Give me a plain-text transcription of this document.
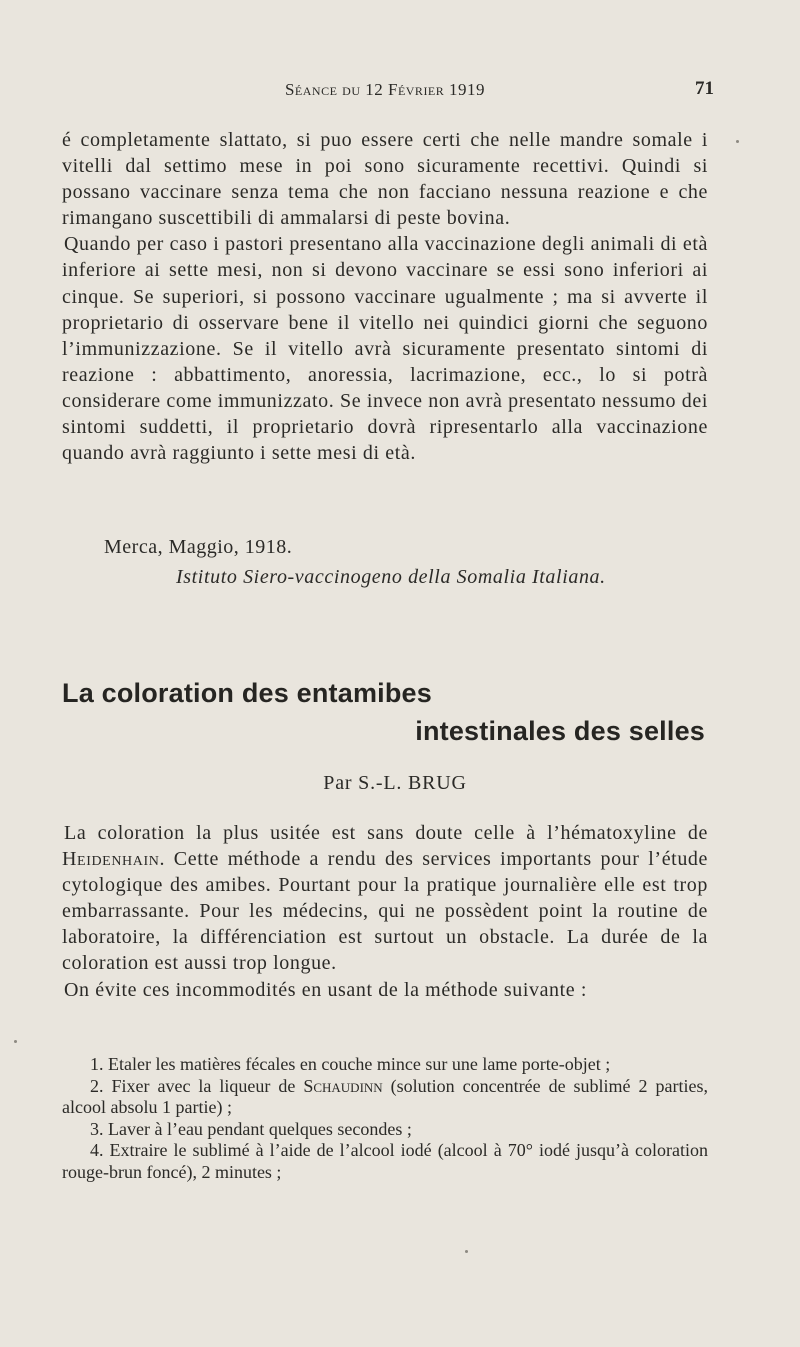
Séance du 12 Février 1919	71

é completamente slattato, si puo essere certi che nelle mandre somale i vitelli dal settimo mese in poi sono sicuramente recettivi. Quindi si possano vaccinare senza tema che non facciano nessuna reazione e che rimangano suscettibili di ammalarsi di peste bovina.

Quando per caso i pastori presentano alla vaccinazione degli animali di età inferiore ai sette mesi, non si devono vaccinare se essi sono inferiori ai cinque. Se superiori, si possono vaccinare ugualmente ; ma si avverte il proprietario di osservare bene il vitello nei quindici giorni che seguono l’immunizzazione. Se il vitello avrà sicuramente presentato sintomi di reazione : abbattimento, anoressia, lacrimazione, ecc., lo si potrà considerare come immunizzato. Se invece non avrà presentato nessumo dei sintomi suddetti, il proprietario dovrà ripresentarlo alla vaccinazione quando avrà raggiunto i sette mesi di età.

Merca, Maggio, 1918.
Istituto Siero-vaccinogeno della Somalia Italiana.
La coloration des entamibes
intestinales des selles
Par S.-L. BRUG

La coloration la plus usitée est sans doute celle à l’hématoxyline de Heidenhain. Cette méthode a rendu des services importants pour l’étude cytologique des amibes. Pourtant pour la pratique journalière elle est trop embarrassante. Pour les médecins, qui ne possèdent point la routine de laboratoire, la différenciation est surtout un obstacle. La durée de la coloration est aussi trop longue.

On évite ces incommodités en usant de la méthode suivante :

1. Etaler les matières fécales en couche mince sur une lame porte-objet ;

2. Fixer avec la liqueur de Schaudinn (solution concentrée de sublimé 2 parties, alcool absolu 1 partie) ;

3. Laver à l’eau pendant quelques secondes ;

4. Extraire le sublimé à l’aide de l’alcool iodé (alcool à 70° iodé jusqu’à coloration rouge-brun foncé), 2 minutes ;
